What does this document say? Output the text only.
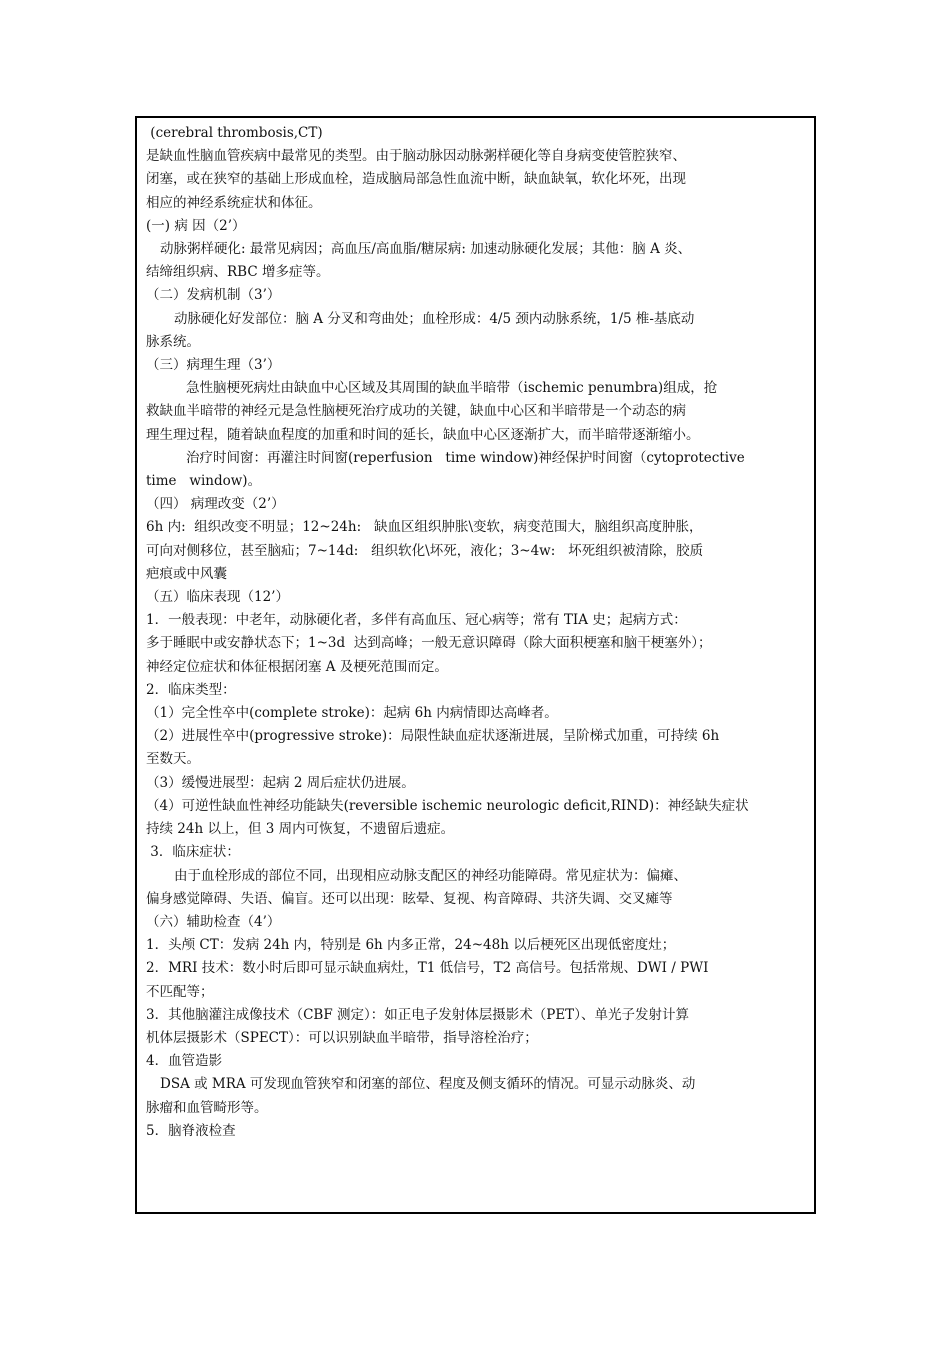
(cerebral thrombosis,CT)
是缺血性脑血管疾病中最常见的类型。由于脑动脉因动脉粥样硬化等自身病变使管腔狭窄、
闭塞，或在狭窄的基础上形成血栓，造成脑局部急性血流中断，缺血缺氧，软化坏死，出现
相应的神经系统症状和体征。
(一) 病 因（2’）
动脉粥样硬化: 最常见病因；高血压/高血脂/糖尿病: 加速动脉硬化发展；其他：脑 A 炎、
结缔组织病、RBC 增多症等。
（二）发病机制（3’）
动脉硬化好发部位：脑 A 分叉和弯曲处；血栓形成：4/5 颈内动脉系统，1/5 椎-基底动
脉系统。
（三）病理生理（3’）
急性脑梗死病灶由缺血中心区域及其周围的缺血半暗带（ischemic penumbra)组成，抢
救缺血半暗带的神经元是急性脑梗死治疗成功的关键，缺血中心区和半暗带是一个动态的病
理生理过程，随着缺血程度的加重和时间的延长，缺血中心区逐渐扩大，而半暗带逐渐缩小。
治疗时间窗：再灌注时间窗(reperfusion   time window)神经保护时间窗（cytoprotective
time   window)。
（四） 病理改变（2’）
6h 内:  组织改变不明显；12~24h:   缺血区组织肿胀\变软，病变范围大，脑组织高度肿胀，
可向对侧移位，甚至脑疝；7~14d:   组织软化\坏死，液化；3~4w:   坏死组织被清除，胶质
疤痕或中风囊
（五）临床表现（12’）
1．一般表现：中老年，动脉硬化者，多伴有高血压、冠心病等；常有 TIA 史；起病方式：
多于睡眠中或安静状态下；1~3d  达到高峰；一般无意识障碍（除大面积梗塞和脑干梗塞外）；
神经定位症状和体征根据闭塞 A 及梗死范围而定。
2．临床类型：
（1）完全性卒中(complete stroke)：起病 6h 内病情即达高峰者。
（2）进展性卒中(progressive stroke)：局限性缺血症状逐渐进展，呈阶梯式加重，可持续 6h
至数天。
（3）缓慢进展型：起病 2 周后症状仍进展。
（4）可逆性缺血性神经功能缺失(reversible ischemic neurologic deficit,RIND)：神经缺失症状
持续 24h 以上，但 3 周内可恢复，不遗留后遗症。
3．临床症状：
由于血栓形成的部位不同，出现相应动脉支配区的神经功能障碍。常见症状为：偏瘫、
偏身感觉障碍、失语、偏盲。还可以出现：眩晕、复视、构音障碍、共济失调、交叉瘫等
（六）辅助检查（4’）
1．头颅 CT：发病 24h 内，特别是 6h 内多正常，24~48h 以后梗死区出现低密度灶；
2．MRI 技术：数小时后即可显示缺血病灶，T1 低信号，T2 高信号。包括常规、DWI / PWI
不匹配等；
3．其他脑灌注成像技术（CBF 测定）：如正电子发射体层摄影术（PET）、单光子发射计算
机体层摄影术（SPECT）：可以识别缺血半暗带，指导溶栓治疗；
4．血管造影
DSA 或 MRA 可发现血管狭窄和闭塞的部位、程度及侧支循环的情况。可显示动脉炎、动
脉瘤和血管畸形等。
5．脑脊液检查
